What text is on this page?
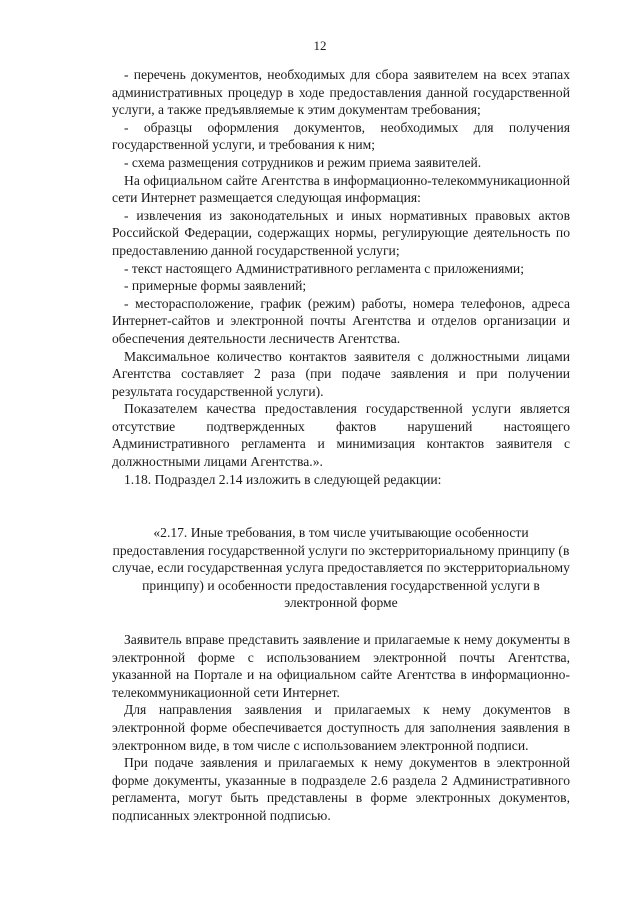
12

- перечень документов, необходимых для сбора заявителем на всех этапах административных процедур в ходе предоставления данной государственной услуги, а также предъявляемые к этим документам требования;

- образцы оформления документов, необходимых для получения государственной услуги, и требования к ним;

- схема размещения сотрудников и режим приема заявителей.

На официальном сайте Агентства в информационно-телекоммуникационной сети Интернет размещается следующая информация:

- извлечения из законодательных и иных нормативных правовых актов Российской Федерации, содержащих нормы, регулирующие деятельность по предоставлению данной государственной услуги;

- текст настоящего Административного регламента с приложениями;

- примерные формы заявлений;

- месторасположение, график (режим) работы, номера телефонов, адреса Интернет-сайтов и электронной почты Агентства и отделов организации и обеспечения деятельности лесничеств Агентства.

Максимальное количество контактов заявителя с должностными лицами Агентства составляет 2 раза (при подаче заявления и при получении результата государственной услуги).

Показателем качества предоставления государственной услуги является отсутствие подтвержденных фактов нарушений настоящего Административного регламента и минимизация контактов заявителя с должностными лицами Агентства.».

1.18. Подраздел 2.14 изложить в следующей редакции:

«2.17. Иные требования, в том числе учитывающие особенности предоставления государственной услуги по экстерриториальному принципу (в случае, если государственная услуга предоставляется по экстерриториальному принципу) и особенности предоставления государственной услуги в электронной форме

Заявитель вправе представить заявление и прилагаемые к нему документы в электронной форме с использованием электронной почты Агентства, указанной на Портале и на официальном сайте Агентства в информационно-телекоммуникационной сети Интернет.

Для направления заявления и прилагаемых к нему документов в электронной форме обеспечивается доступность для заполнения заявления в электронном виде, в том числе с использованием электронной подписи.

При подаче заявления и прилагаемых к нему документов в электронной форме документы, указанные в подразделе 2.6 раздела 2 Административного регламента, могут быть представлены в форме электронных документов, подписанных электронной подписью.
